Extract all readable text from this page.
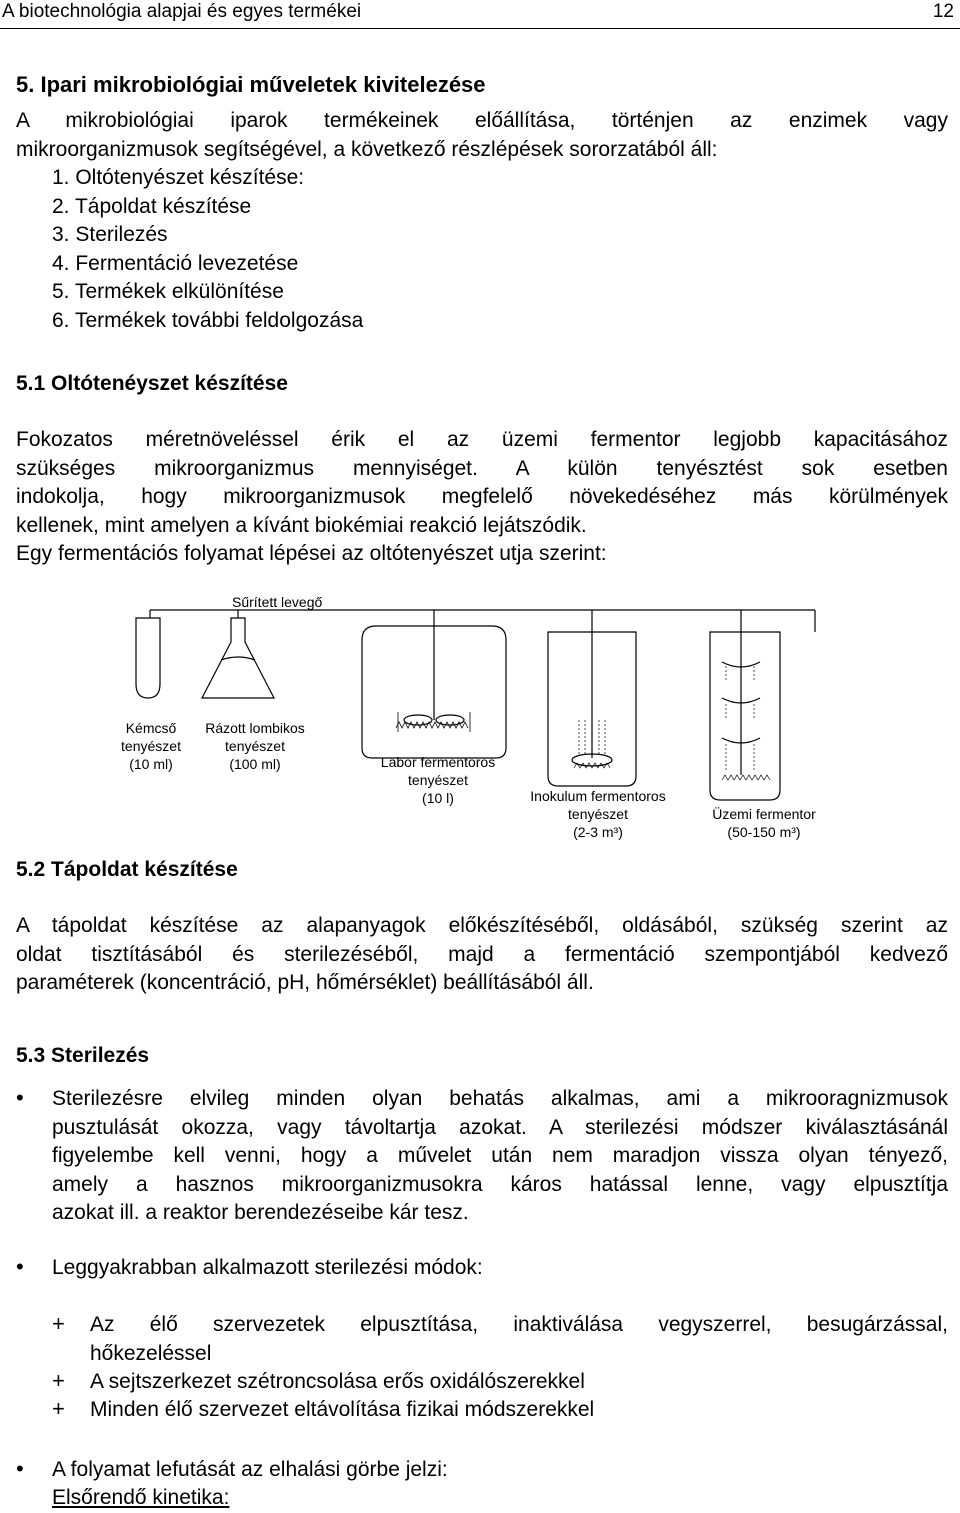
A biotechnológia alapjai és egyes termékei	12
5. Ipari mikrobiológiai műveletek kivitelezése
A mikrobiológiai iparok termékeinek előállítása, történjen az enzimek vagy
mikroorganizmusok segítségével, a következő részlépések sororzatából áll:
1. Oltótenyészet készítése:
2. Tápoldat készítése
3. Sterilezés
4. Fermentáció levezetése
5. Termékek elkülönítése
6. Termékek további feldolgozása
5.1 Oltótenéyszet készítése
Fokozatos méretnöveléssel érik el az üzemi fermentor legjobb kapacitásához
szükséges mikroorganizmus mennyiséget. A külön tenyésztést sok esetben
indokolja, hogy mikroorganizmusok megfelelő növekedéséhez más körülmények
kellenek, mint amelyen a kívánt biokémiai reakció lejátszódik.
Egy fermentációs folyamat lépései az oltótenyészet utja szerint:
Sűrített levegő
Kémcső
tenyészet
(10 ml)
Rázott lombikos
tenyészet
(100 ml)	Labor fermentoros
tenyészet
(10 l)	Inokulum fermentoros
tenyészet
(2-3 m³)
Üzemi fermentor
(50-150 m³)
5.2 Tápoldat készítése
A tápoldat készítése az alapanyagok előkészítéséből, oldásából, szükség szerint az
oldat tisztításából és sterilezéséből, majd a fermentáció szempontjából kedvező
paraméterek (koncentráció, pH, hőmérséklet) beállításából áll.
5.3 Sterilezés
• Sterilezésre elvileg minden olyan behatás alkalmas, ami a mikrooragnizmusok
pusztulását okozza, vagy távoltartja azokat. A sterilezési módszer kiválasztásánál
figyelembe kell venni, hogy a művelet után nem maradjon vissza olyan tényező,
amely a hasznos mikroorganizmusokra káros hatással lenne, vagy elpusztítja
azokat ill. a reaktor berendezéseibe kár tesz.
• Leggyakrabban alkalmazott sterilezési módok:
+ Az élő szervezetek elpusztítása, inaktiválása vegyszerrel, besugárzással,
hőkezeléssel
+ A sejtszerkezet szétroncsolása erős oxidálószerekkel
+ Minden élő szervezet eltávolítása fizikai módszerekkel
• A folyamat lefutását az elhalási görbe jelzi:
Elsőrendő kinetika:
